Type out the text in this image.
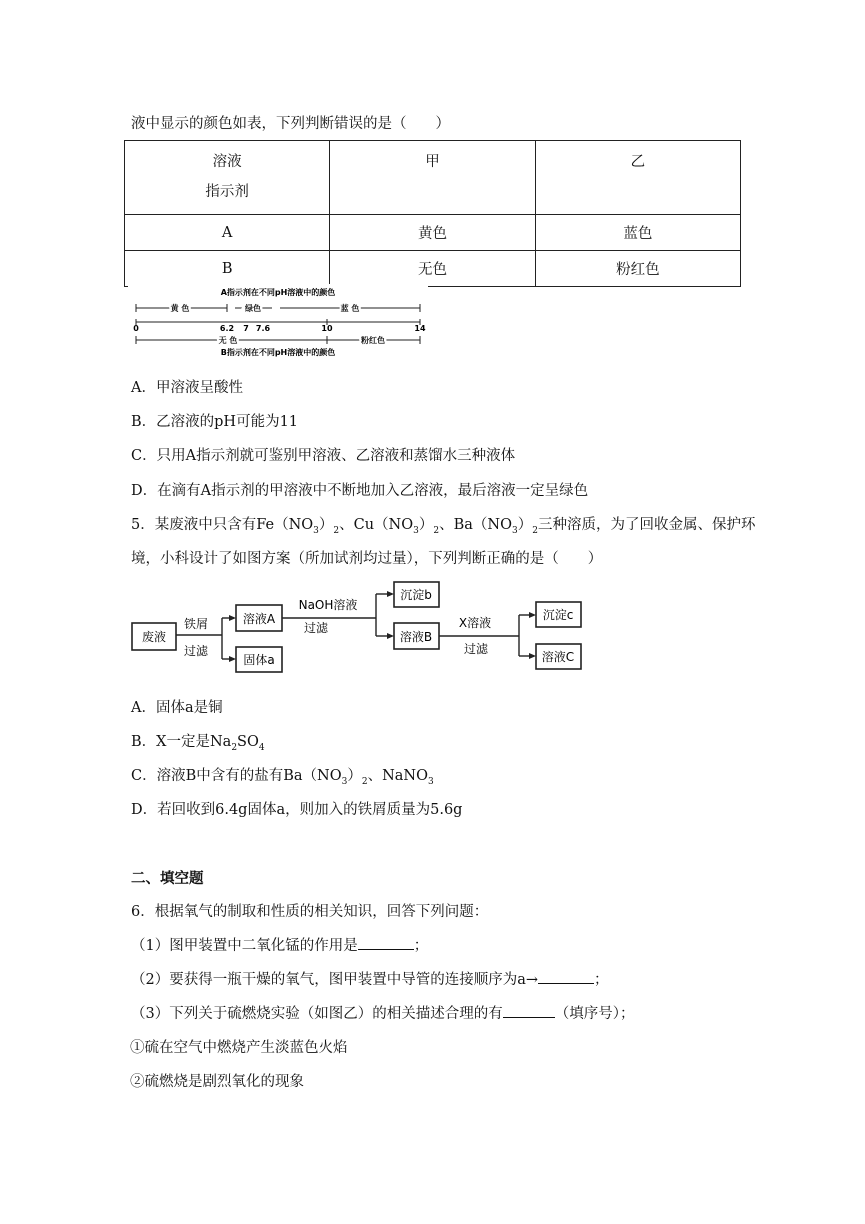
液中显示的颜色如表，下列判断错误的是（　　）
溶液
指示剂	甲	乙

A	黄色	蓝色
B	无色	粉红色
A指示剂在不同pH溶液中的颜色
黄 色	绿色	蓝 色
0	6.2 7 7.6	10	14
无 色	粉红色
B指示剂在不同pH溶液中的颜色
A．甲溶液呈酸性
B．乙溶液的pH可能为11
C．只用A指示剂就可鉴别甲溶液、乙溶液和蒸馏水三种液体
D．在滴有A指示剂的甲溶液中不断地加入乙溶液，最后溶液一定呈绿色
5．某废液中只含有$Fe(NO_3)_2$、$Cu(NO_3)_2$、$Ba(NO_3)_2$三种溶质，为了回收金属、保护环
境，小科设计了如图方案（所加试剂均过量），下列判断正确的是（　　）
废液
铁屑
过滤
溶液A
固体a
NaOH溶液
过滤
沉淀b
溶液B
X溶液
过滤
沉淀c
溶液C
A．固体a是铜
B．X一定是$Na_2SO_4$
C．溶液B中含有的盐有$Ba(NO_3)_2$、NaNO$_3$
D．若回收到6.4g固体a，则加入的铁屑质量为5.6g
二、填空题
6．根据氧气的制取和性质的相关知识，回答下列问题：
（1）图甲装置中二氧化锰的作用是	；
（2）要获得一瓶干燥的氧气，图甲装置中导管的连接顺序为a→	；
（3）下列关于硫燃烧实验（如图乙）的相关描述合理的有	（填序号）；
①硫在空气中燃烧产生淡蓝色火焰
②硫燃烧是剧烈氧化的现象
